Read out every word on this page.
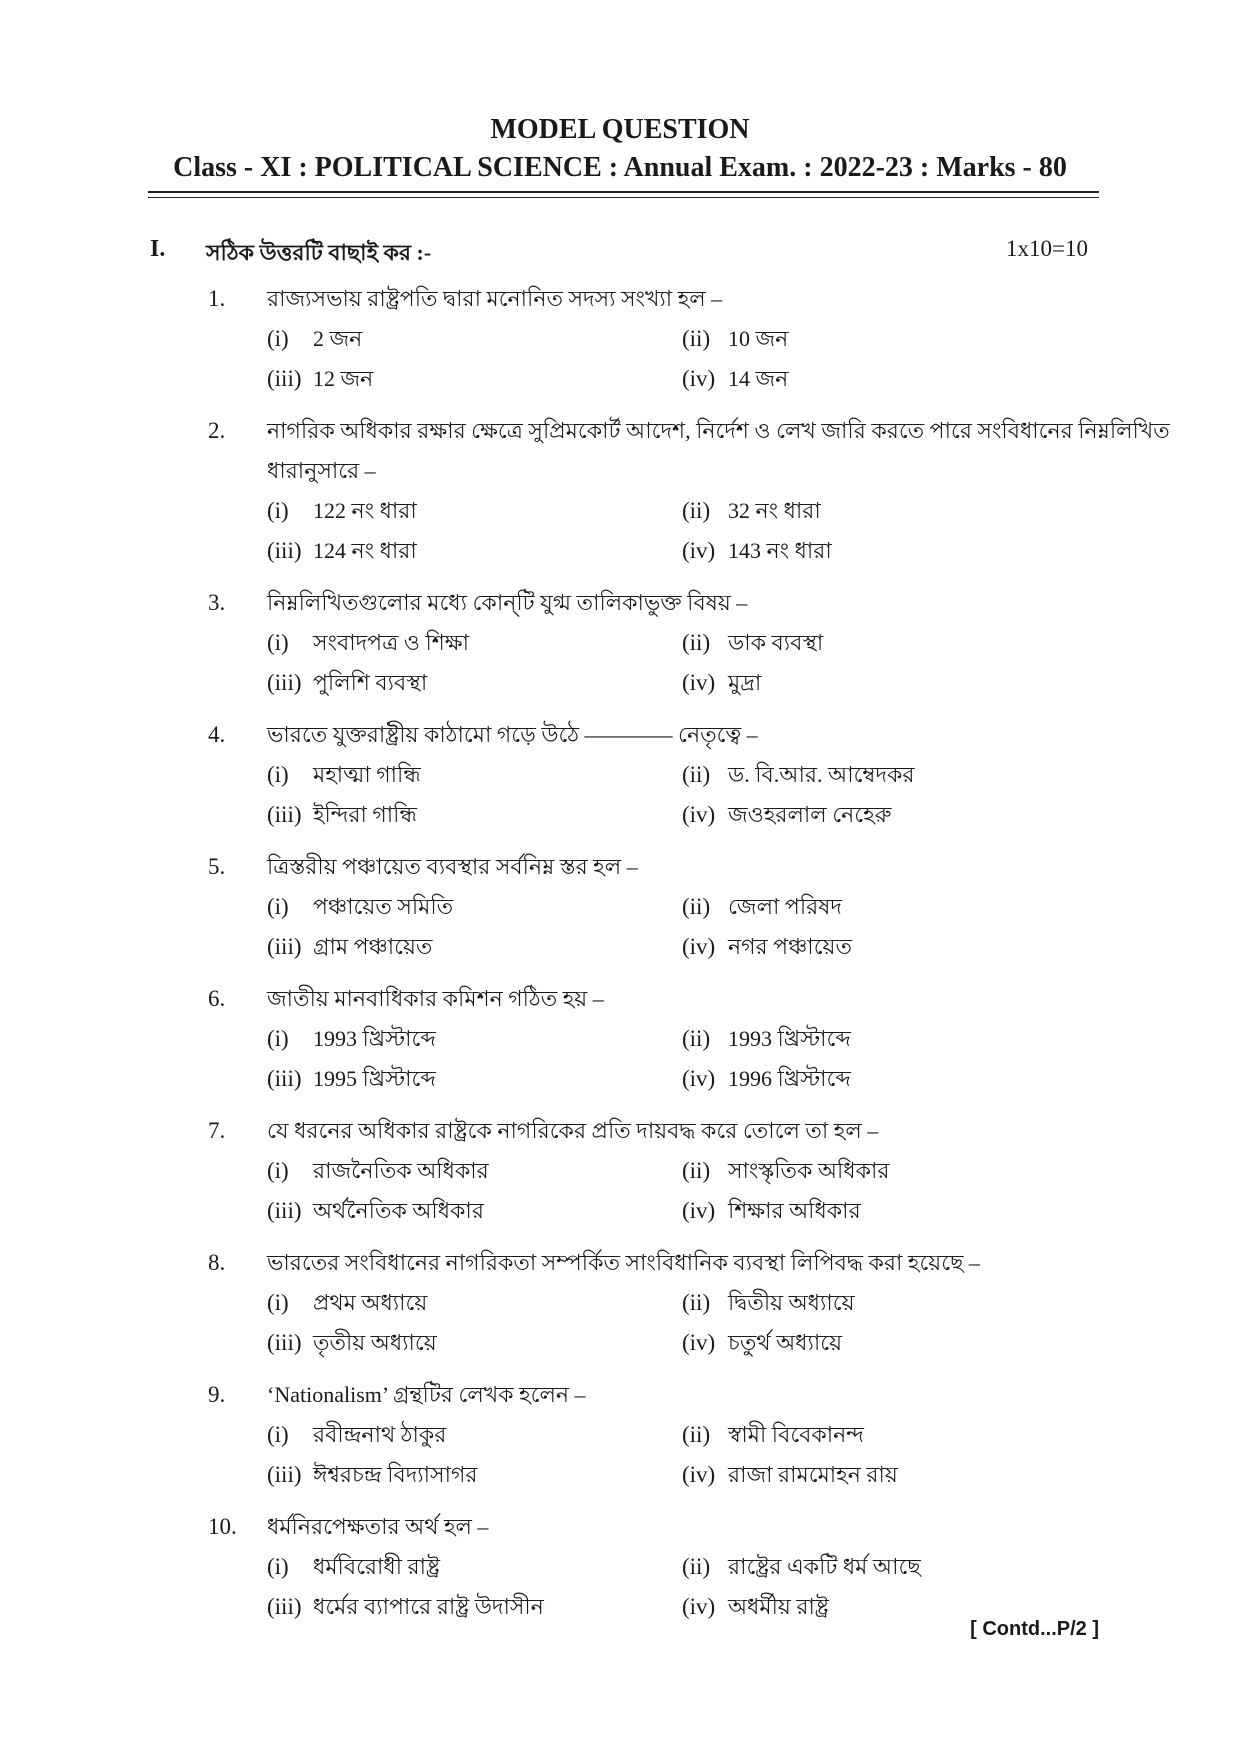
MODEL QUESTION
Class - XI : POLITICAL SCIENCE : Annual Exam. : 2022-23 : Marks - 80
I. সঠিক উত্তরটি বাছাই কর :-	1x10=10
1. রাজ্যসভায় রাষ্ট্রপতি দ্বারা মনোনিত সদস্য সংখ্যা হল –
(i) 2 জন	(ii) 10 জন
(iii) 12 জন	(iv) 14 জন
2. নাগরিক অধিকার রক্ষার ক্ষেত্রে সুপ্রিমকোর্ট আদেশ, নির্দেশ ও লেখ জারি করতে পারে সংবিধানের নিম্নলিখিত
ধারানুসারে –
(i) 122 নং ধারা	(ii) 32 নং ধারা
(iii) 124 নং ধারা	(iv) 143 নং ধারা
3. নিম্নলিখিতগুলোর মধ্যে কোন্‌টি যুগ্ম তালিকাভুক্ত বিষয় –
(i) সংবাদপত্র ও শিক্ষা	(ii) ডাক ব্যবস্থা
(iii) পুলিশি ব্যবস্থা	(iv) মুদ্রা
4. ভারতে যুক্তরাষ্ট্রীয় কাঠামো গড়ে উঠে ———— নেতৃত্বে –
(i) মহাত্মা গান্ধি	(ii) ড. বি.আর. আম্বেদকর
(iii) ইন্দিরা গান্ধি	(iv) জওহরলাল নেহেরু
5. ত্রিস্তরীয় পঞ্চায়েত ব্যবস্থার সর্বনিম্ন স্তর হল –
(i) পঞ্চায়েত সমিতি	(ii) জেলা পরিষদ
(iii) গ্রাম পঞ্চায়েত	(iv) নগর পঞ্চায়েত
6. জাতীয় মানবাধিকার কমিশন গঠিত হয় –
(i) 1993 খ্রিস্টাব্দে	(ii) 1993 খ্রিস্টাব্দে
(iii) 1995 খ্রিস্টাব্দে	(iv) 1996 খ্রিস্টাব্দে
7. যে ধরনের অধিকার রাষ্ট্রকে নাগরিকের প্রতি দায়বদ্ধ করে তোলে তা হল –
(i) রাজনৈতিক অধিকার	(ii) সাংস্কৃতিক অধিকার
(iii) অর্থনৈতিক অধিকার	(iv) শিক্ষার অধিকার
8. ভারতের সংবিধানের নাগরিকতা সম্পর্কিত সাংবিধানিক ব্যবস্থা লিপিবদ্ধ করা হয়েছে –
(i) প্রথম অধ্যায়ে	(ii) দ্বিতীয় অধ্যায়ে
(iii) তৃতীয় অধ্যায়ে	(iv) চতুর্থ অধ্যায়ে
9. ‘Nationalism’ গ্রন্থটির লেখক হলেন –
(i) রবীন্দ্রনাথ ঠাকুর	(ii) স্বামী বিবেকানন্দ
(iii) ঈশ্বরচন্দ্র বিদ্যাসাগর	(iv) রাজা রামমোহন রায়
10. ধর্মনিরপেক্ষতার অর্থ হল –
(i) ধর্মবিরোধী রাষ্ট্র	(ii) রাষ্ট্রের একটি ধর্ম আছে
(iii) ধর্মের ব্যাপারে রাষ্ট্র উদাসীন	(iv) অধর্মীয় রাষ্ট্র
[ Contd...P/2 ]
